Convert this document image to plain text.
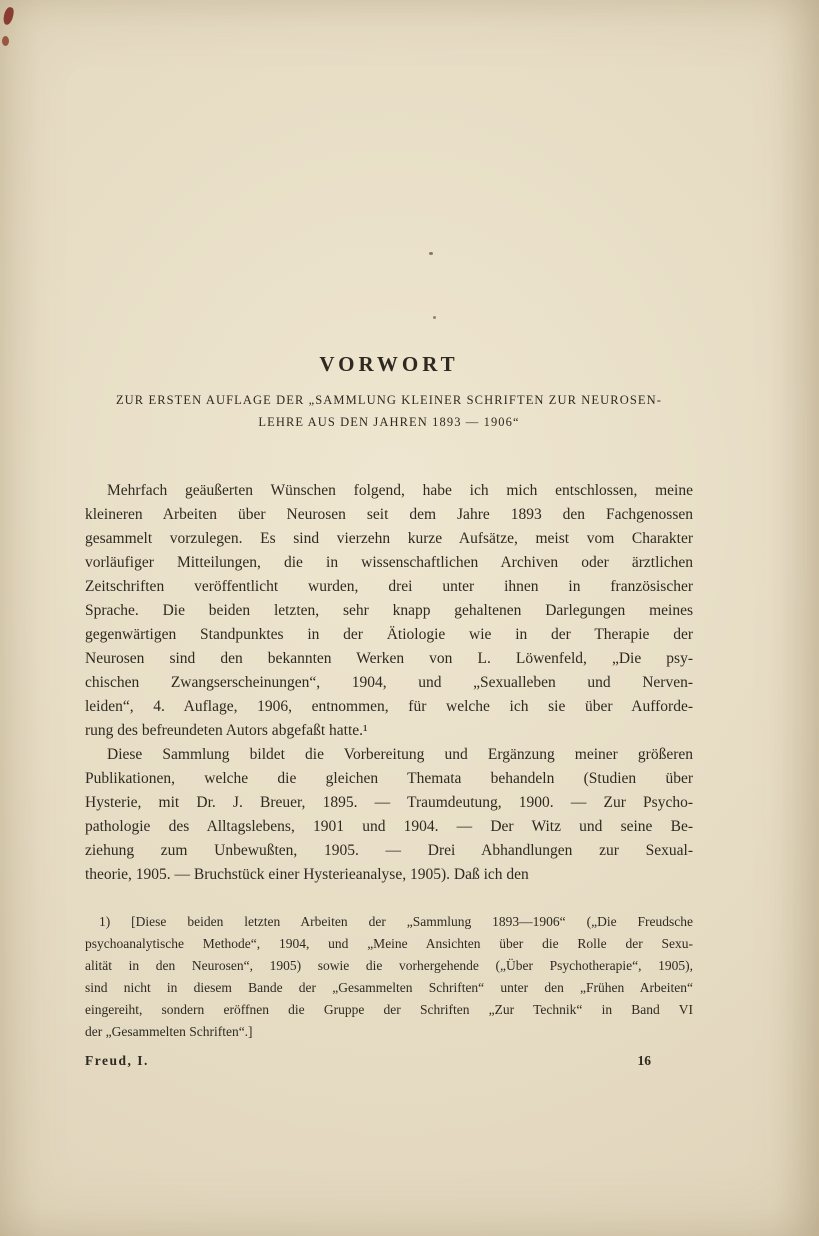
VORWORT
ZUR ERSTEN AUFLAGE DER „SAMMLUNG KLEINER SCHRIFTEN ZUR NEUROSEN-
LEHRE AUS DEN JAHREN 1893 — 1906“
Mehrfach geäußerten Wünschen folgend, habe ich mich entschlossen, meine
kleineren Arbeiten über Neurosen seit dem Jahre 1893 den Fachgenossen
gesammelt vorzulegen. Es sind vierzehn kurze Aufsätze, meist vom Charakter
vorläufiger Mitteilungen, die in wissenschaftlichen Archiven oder ärztlichen
Zeitschriften veröffentlicht wurden, drei unter ihnen in französischer
Sprache. Die beiden letzten, sehr knapp gehaltenen Darlegungen meines
gegenwärtigen Standpunktes in der Ätiologie wie in der Therapie der
Neurosen sind den bekannten Werken von L. Löwenfeld, „Die psy-
chischen Zwangserscheinungen“, 1904, und „Sexualleben und Nerven-
leiden“, 4. Auflage, 1906, entnommen, für welche ich sie über Aufforde-
rung des befreundeten Autors abgefaßt hatte.¹
Diese Sammlung bildet die Vorbereitung und Ergänzung meiner größeren
Publikationen, welche die gleichen Themata behandeln (Studien über
Hysterie, mit Dr. J. Breuer, 1895. — Traumdeutung, 1900. — Zur Psycho-
pathologie des Alltagslebens, 1901 und 1904. — Der Witz und seine Be-
ziehung zum Unbewußten, 1905. — Drei Abhandlungen zur Sexual-
theorie, 1905. — Bruchstück einer Hysterieanalyse, 1905). Daß ich den
1) [Diese beiden letzten Arbeiten der „Sammlung 1893—1906“ („Die Freudsche
psychoanalytische Methode“, 1904, und „Meine Ansichten über die Rolle der Sexu-
alität in den Neurosen“, 1905) sowie die vorhergehende („Über Psychotherapie“, 1905),
sind nicht in diesem Bande der „Gesammelten Schriften“ unter den „Frühen Arbeiten“
eingereiht, sondern eröffnen die Gruppe der Schriften „Zur Technik“ in Band VI
der „Gesammelten Schriften“.]
Freud, I.	16
